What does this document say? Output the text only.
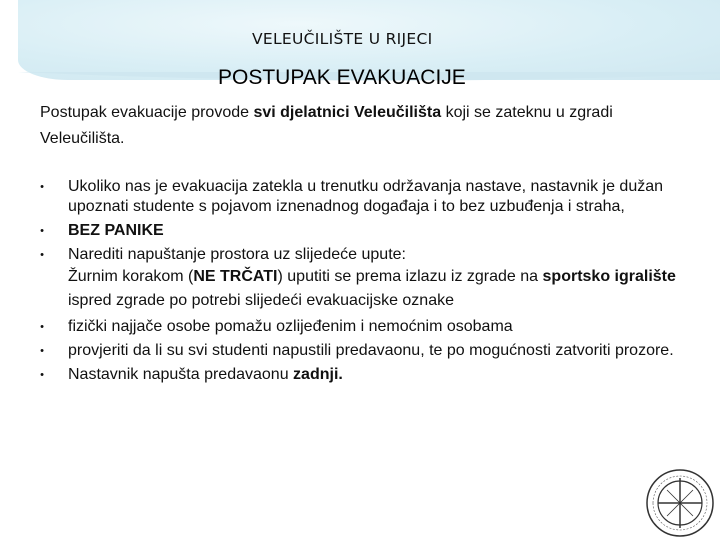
VELEUČILIŠTE U RIJECI
POSTUPAK EVAKUACIJE
Postupak evakuacije provode svi djelatnici Veleučilišta koji se zateknu u zgradi Veleučilišta.
•	Ukoliko nas je evakuacija zatekla u trenutku održavanja nastave, nastavnik je dužan upoznati studente s pojavom iznenadnog događaja i to bez uzbuđenja i straha,
•	BEZ PANIKE
•	Narediti napuštanje prostora uz slijedeće upute:
Žurnim korakom (NE TRČATI) uputiti se prema izlazu iz zgrade na sportsko igralište ispred zgrade po potrebi slijedeći evakuacijske oznake
•	fizički najjače osobe pomažu ozlijeđenim i nemoćnim osobama
•	provjeriti da li su svi studenti napustili predavaonu, te po mogućnosti zatvoriti prozore.
•	Nastavnik napušta predavaonu zadnji.
